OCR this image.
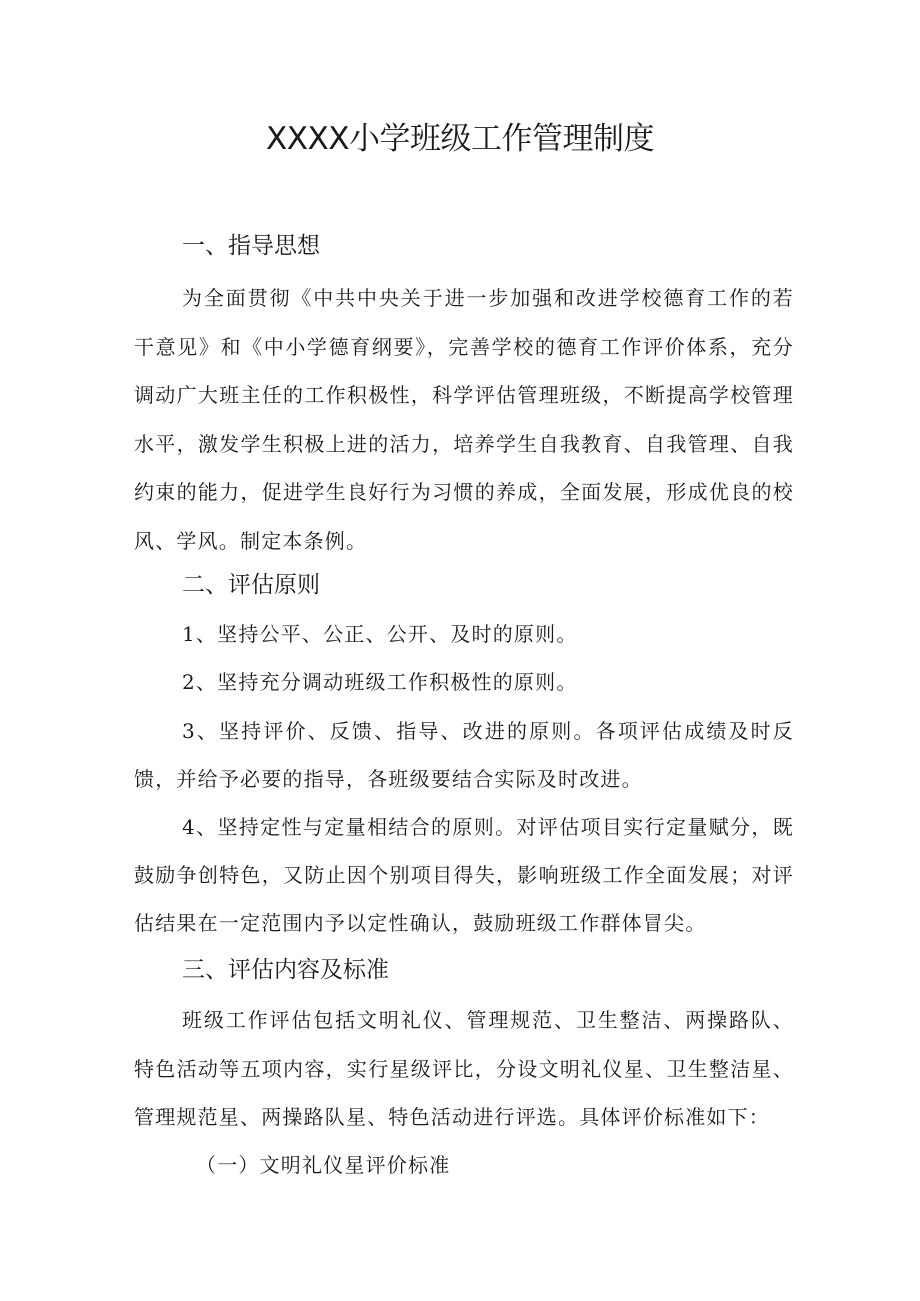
XXXX小学班级工作管理制度
一、指导思想

为全面贯彻《中共中央关于进一步加强和改进学校德育工作的若干意见》和《中小学德育纲要》，完善学校的德育工作评价体系，充分调动广大班主任的工作积极性，科学评估管理班级，不断提高学校管理水平，激发学生积极上进的活力，培养学生自我教育、自我管理、自我约束的能力，促进学生良好行为习惯的养成，全面发展，形成优良的校风、学风。制定本条例。

二、评估原则

1、坚持公平、公正、公开、及时的原则。

2、坚持充分调动班级工作积极性的原则。

3、坚持评价、反馈、指导、改进的原则。各项评估成绩及时反馈，并给予必要的指导，各班级要结合实际及时改进。

4、坚持定性与定量相结合的原则。对评估项目实行定量赋分，既鼓励争创特色，又防止因个别项目得失，影响班级工作全面发展；对评估结果在一定范围内予以定性确认，鼓励班级工作群体冒尖。

三、评估内容及标准

班级工作评估包括文明礼仪、管理规范、卫生整洁、两操路队、特色活动等五项内容，实行星级评比，分设文明礼仪星、卫生整洁星、管理规范星、两操路队星、特色活动进行评选。具体评价标准如下：

（一）文明礼仪星评价标准
